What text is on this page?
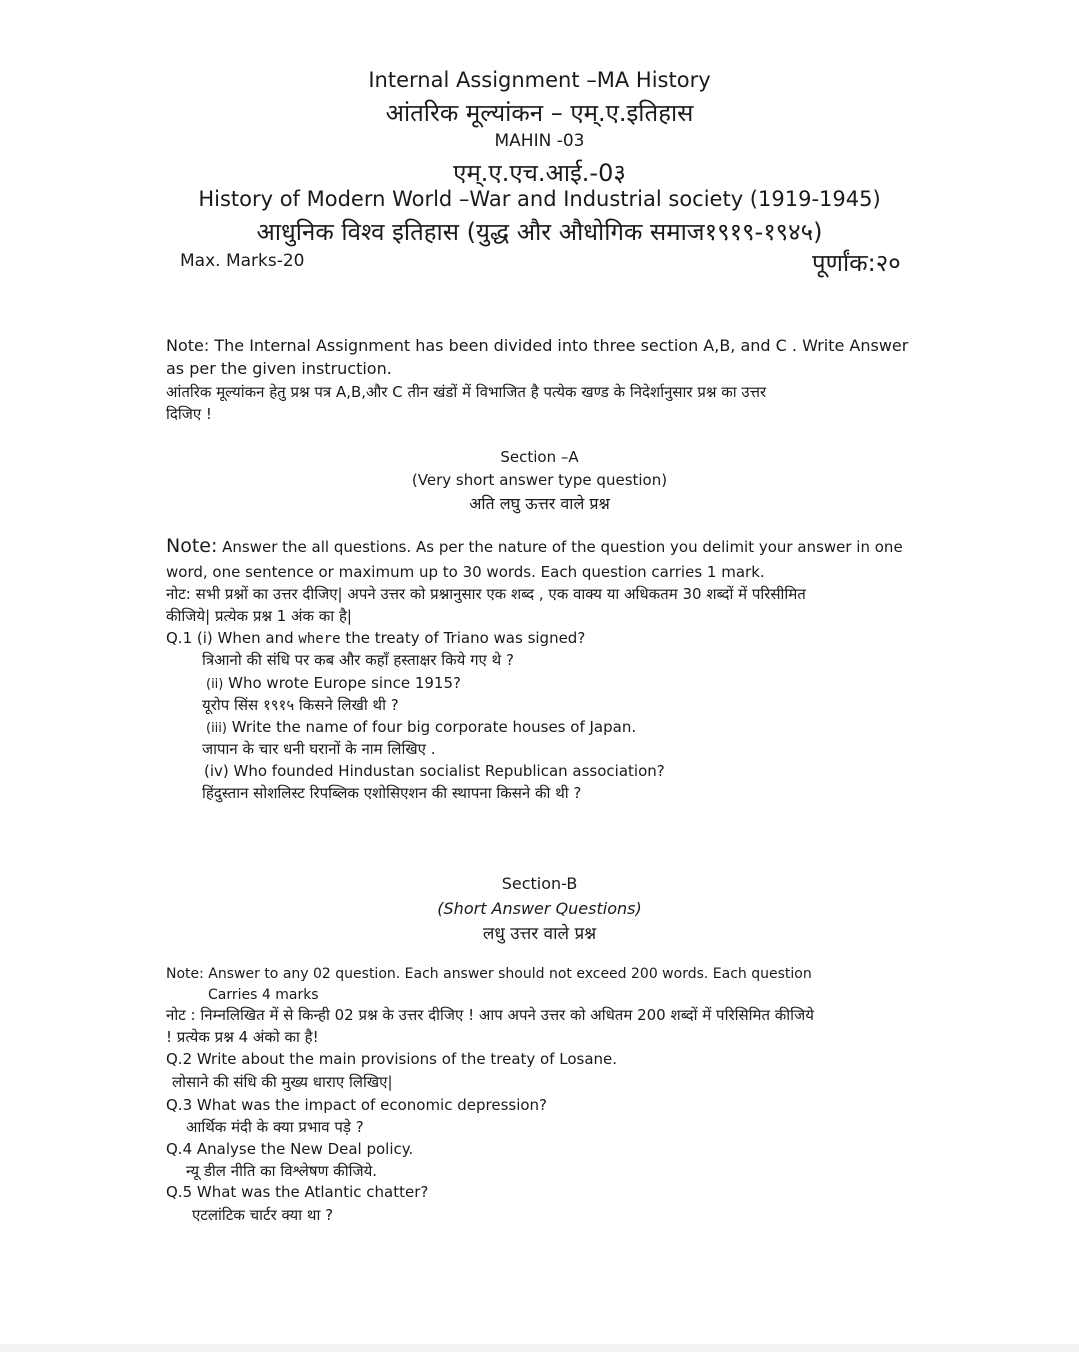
Internal Assignment –MA History
आंतरिक मूल्यांकन – एम्.ए.इतिहास
MAHIN -03
एम्.ए.एच.आई.-0३
History of Modern World –War and Industrial society (1919-1945)
आधुनिक विश्व इतिहास (युद्ध और औधोगिक समाज१९१९-१९४५)
Max. Marks-20	पूर्णांक:२०
Note: The Internal Assignment has been divided into three section A,B, and C . Write Answer
as per the given instruction.
आंतरिक मूल्यांकन हेतु प्रश्न पत्र A,B,और C तीन खंडों में विभाजित है पत्येक खण्ड के निदेर्शानुसार प्रश्न का उत्तर
दिजिए !
Section –A
(Very short answer type question)
अति लघु ऊत्तर वाले प्रश्न
Note: Answer the all questions. As per the nature of the question you delimit your answer in one
word, one sentence or maximum up to 30 words. Each question carries 1 mark.
नोट: सभी प्रश्नों का उत्तर दीजिए| अपने उत्तर को प्रश्नानुसार एक शब्द , एक वाक्य या अधिकतम 30 शब्दों में परिसीमित
कीजिये| प्रत्येक प्रश्न 1 अंक का है|
Q.1 (i) When and where the treaty of Triano was signed?
त्रिआनो की संधि पर कब और कहाँ हस्ताक्षर किये गए थे ?
(ii) Who wrote Europe since 1915?
यूरोप सिंस १९१५ किसने लिखी थी ?
(iii) Write the name of four big corporate houses of Japan.
जापान के चार धनी घरानों के नाम लिखिए .
(iv) Who founded Hindustan socialist Republican association?
हिंदुस्तान सोशलिस्ट रिपब्लिक एशोसिएशन की स्थापना किसने की थी ?
Section-B
(Short Answer Questions)
लधु उत्तर वाले प्रश्न
Note: Answer to any 02 question. Each answer should not exceed 200 words. Each question
Carries 4 marks
नोट : निम्नलिखित में से किन्ही 02 प्रश्न के उत्तर दीजिए ! आप अपने उत्तर को अधितम 200 शब्दों में परिसिमित कीजिये
! प्रत्येक प्रश्न 4 अंको का है!
Q.2 Write about the main provisions of the treaty of Losane.
लोसाने की संधि की मुख्य धाराए लिखिए|
Q.3 What was the impact of economic depression?
आर्थिक मंदी के क्या प्रभाव पड़े ?
Q.4 Analyse the New Deal policy.
न्यू डील नीति का विश्लेषण कीजिये.
Q.5 What was the Atlantic chatter?
एटलांटिक चार्टर क्या था ?
